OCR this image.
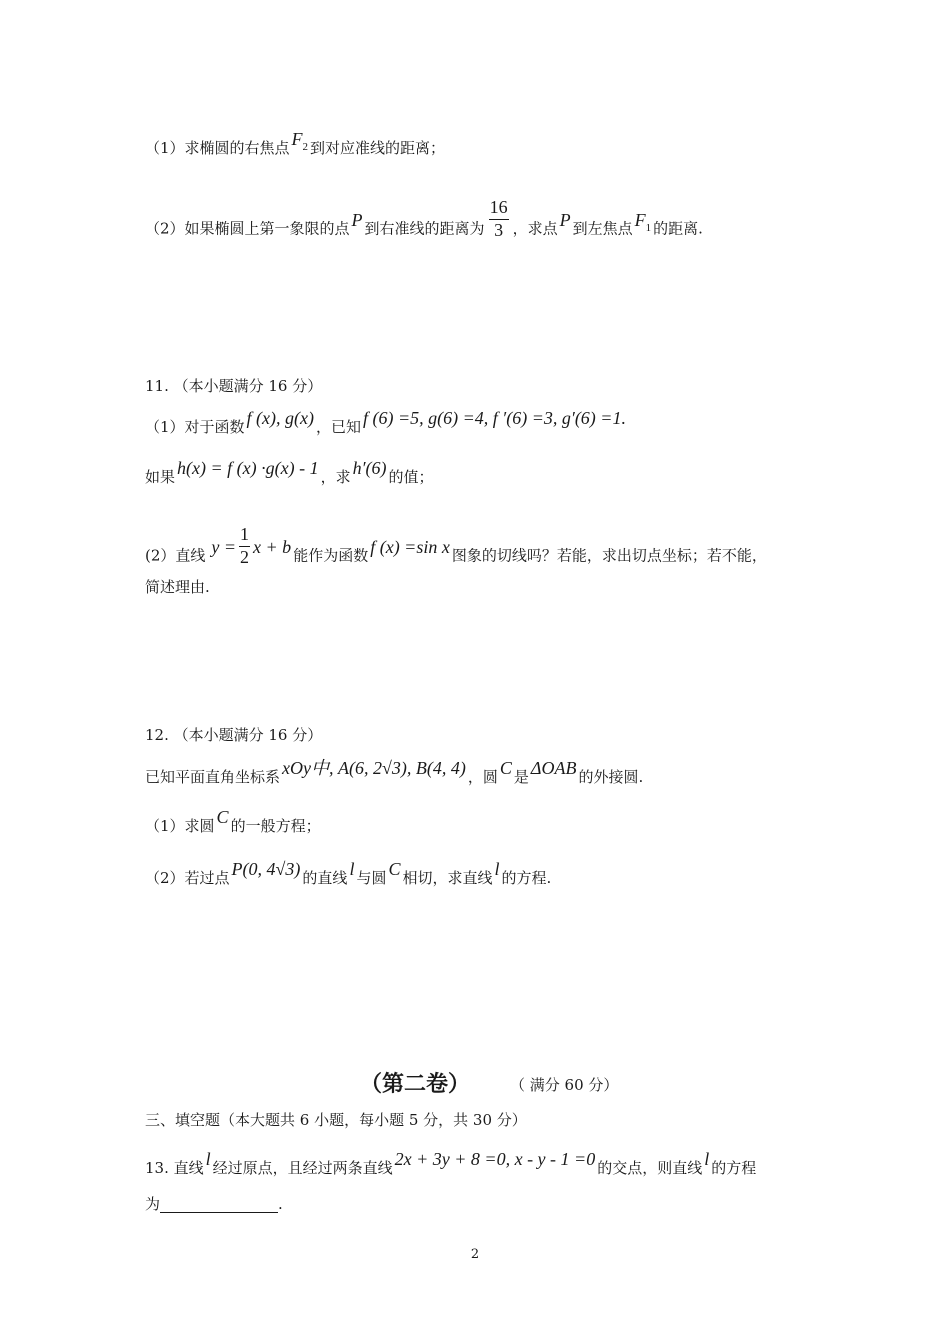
（1）求椭圆的右焦点 $F_2$ 到对应准线的距离；
（2）如果椭圆上第一象限的点 P 到右准线的距离为 $\frac{16}{3}$ ，求点 P 到左焦点 $F_1$ 的距离.
11. （本小题满分 16 分）
（1）对于函数 f (x), g(x) ，已知 f (6) =5, g(6) =4, f ′(6) =3, g′(6) =1.
如果 h(x) = f (x) ·g(x) - 1 ，求 h′(6) 的值；
(2）直线 $y = \frac{1}{2}$ x + b 能作为函数 f (x) =sin x 图象的切线吗？若能，求出切点坐标；若不能，
简述理由.
12. （本小题满分 16 分）
已知平面直角坐标系 xOy中, A(6, 2√3), B(4, 4) ，圆 C 是 ΔOAB 的外接圆.
（1）求圆 C 的一般方程；
（2）若过点 P(0, 4√3) 的直线 l 与圆 C 相切，求直线 l 的方程.
（第二卷）	（ 满分 60 分）
三、填空题（本大题共 6 小题，每小题 5 分，共 30 分）
13. 直线 l 经过原点，且经过两条直线 2x + 3y + 8 =0, x - y - 1 =0 的交点，则直线 l 的方程
为	.
2
